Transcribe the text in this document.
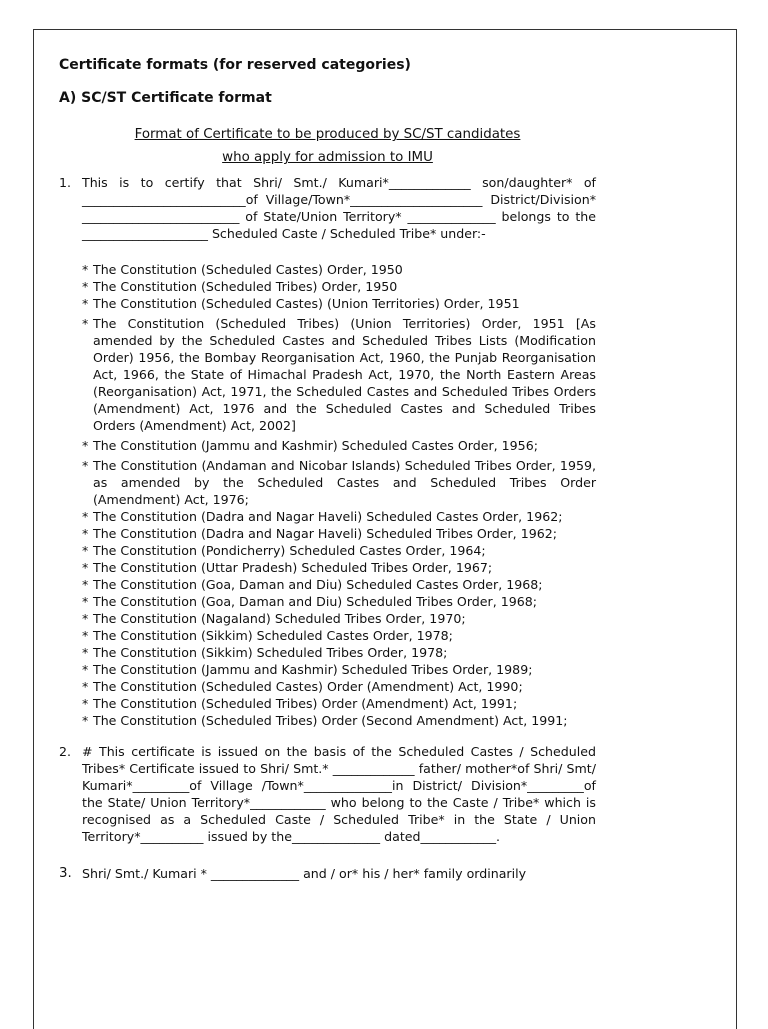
Certificate formats (for reserved categories)
A) SC/ST Certificate format
Format of Certificate to be produced by SC/ST candidates
who apply for admission to IMU

1. This is to certify that Shri/ Smt./ Kumari*_____________ son/daughter* of __________________________of Village/Town*_____________________ District/Division* _________________________ of State/Union Territory* ______________ belongs to the ____________________ Scheduled Caste / Scheduled Tribe* under:-

* The Constitution (Scheduled Castes) Order, 1950
* The Constitution (Scheduled Tribes) Order, 1950
* The Constitution (Scheduled Castes) (Union Territories) Order, 1951
* The Constitution (Scheduled Tribes) (Union Territories) Order, 1951 [As amended by the Scheduled Castes and Scheduled Tribes Lists (Modification Order) 1956, the Bombay Reorganisation Act, 1960, the Punjab Reorganisation Act, 1966, the State of Himachal Pradesh Act, 1970, the North Eastern Areas (Reorganisation) Act, 1971, the Scheduled Castes and Scheduled Tribes Orders (Amendment) Act, 1976 and the Scheduled Castes and Scheduled Tribes Orders (Amendment) Act, 2002]
* The Constitution (Jammu and Kashmir) Scheduled Castes Order, 1956;
* The Constitution (Andaman and Nicobar Islands) Scheduled Tribes Order, 1959, as amended by the Scheduled Castes and Scheduled Tribes Order (Amendment) Act, 1976;
* The Constitution (Dadra and Nagar Haveli) Scheduled Castes Order, 1962;
* The Constitution (Dadra and Nagar Haveli) Scheduled Tribes Order, 1962;
* The Constitution (Pondicherry) Scheduled Castes Order, 1964;
* The Constitution (Uttar Pradesh) Scheduled Tribes Order, 1967;
* The Constitution (Goa, Daman and Diu) Scheduled Castes Order, 1968;
* The Constitution (Goa, Daman and Diu) Scheduled Tribes Order, 1968;
* The Constitution (Nagaland) Scheduled Tribes Order, 1970;
* The Constitution (Sikkim) Scheduled Castes Order, 1978;
* The Constitution (Sikkim) Scheduled Tribes Order, 1978;
* The Constitution (Jammu and Kashmir) Scheduled Tribes Order, 1989;
* The Constitution (Scheduled Castes) Order (Amendment) Act, 1990;
* The Constitution (Scheduled Tribes) Order (Amendment) Act, 1991;
* The Constitution (Scheduled Tribes) Order (Second Amendment) Act, 1991;

2. # This certificate is issued on the basis of the Scheduled Castes / Scheduled Tribes* Certificate issued to Shri/ Smt.* _____________ father/ mother*of Shri/ Smt/ Kumari*_________of Village /Town*______________in District/ Division*_________of the State/ Union Territory*____________ who belong to the Caste / Tribe* which is recognised as a Scheduled Caste / Scheduled Tribe* in the State / Union Territory*__________ issued by the______________ dated____________.

3. Shri/ Smt./ Kumari * ______________ and / or* his / her* family ordinarily
